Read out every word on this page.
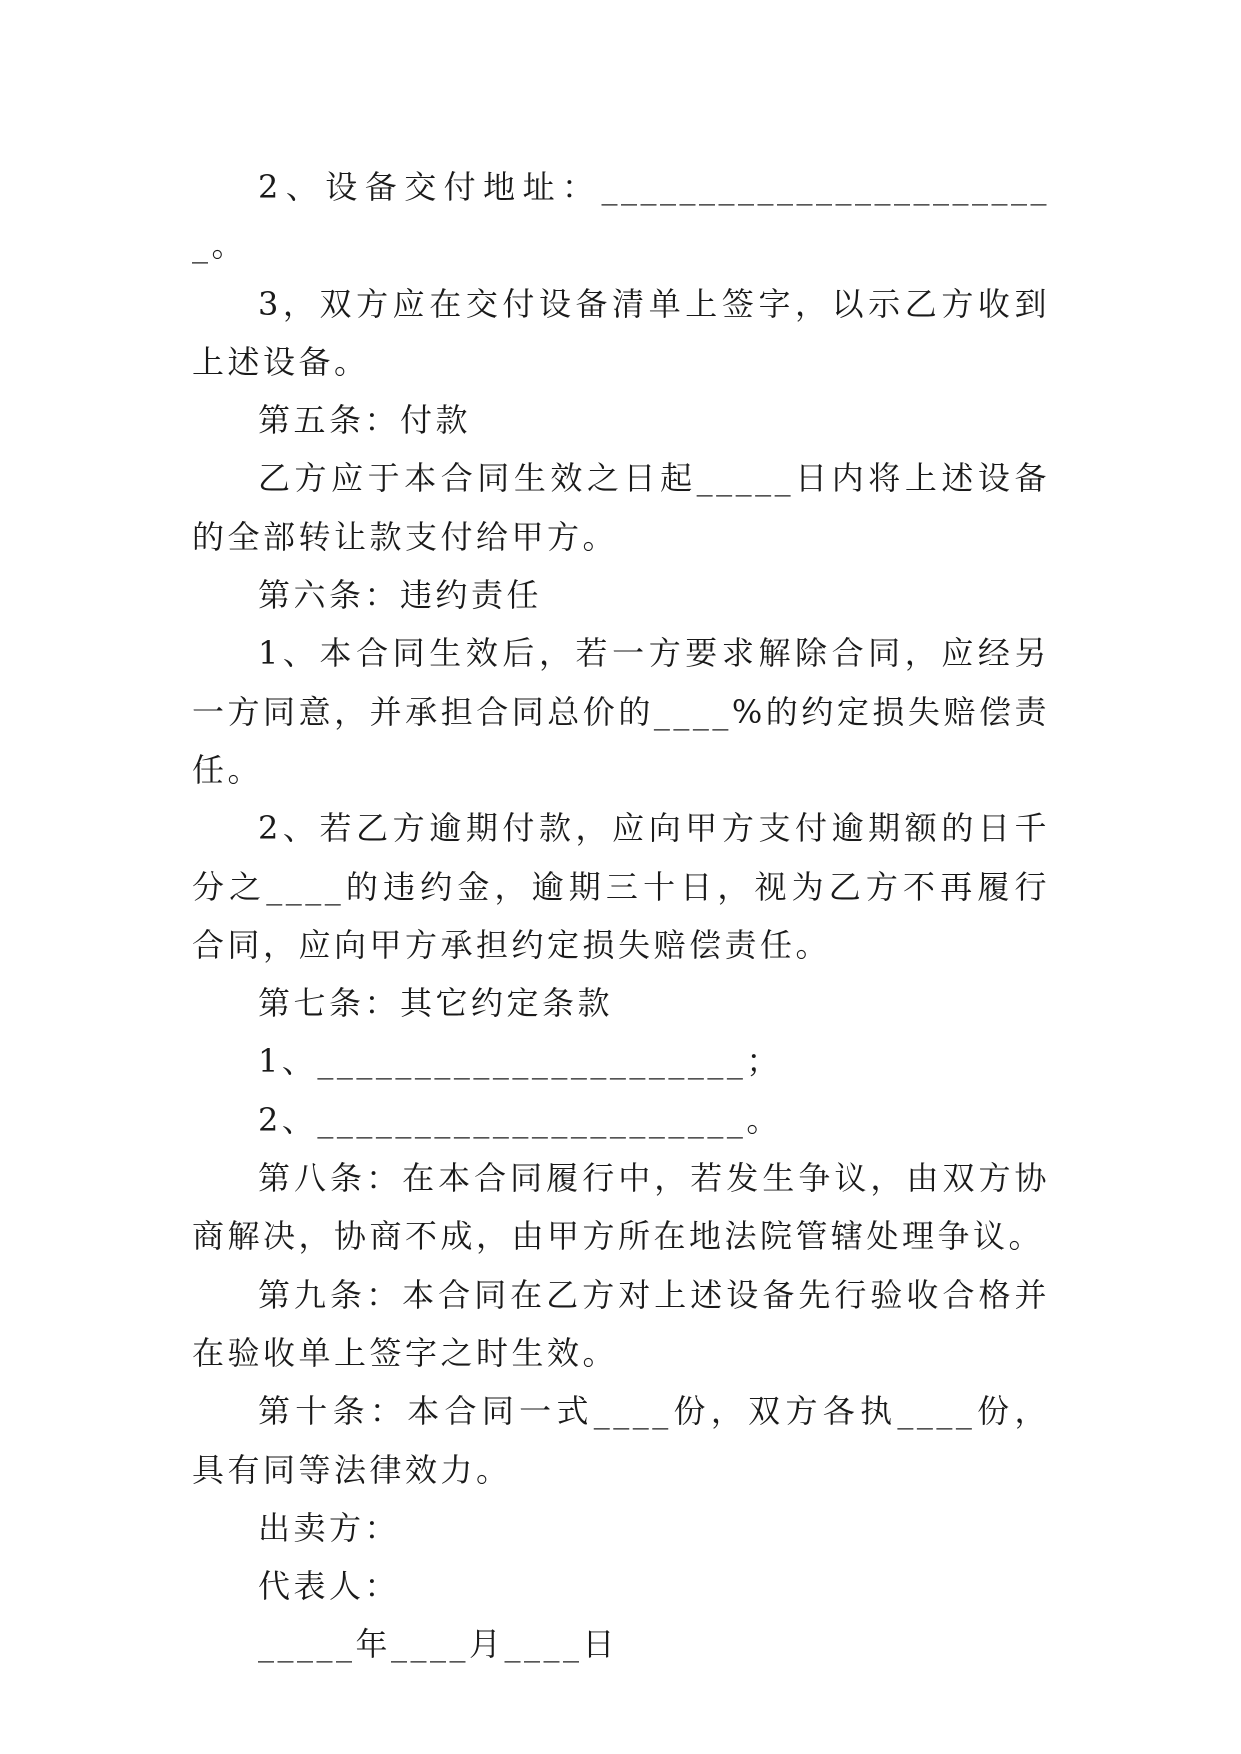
2、设备交付地址：________________________。

3，双方应在交付设备清单上签字，以示乙方收到上述设备。

第五条：付款

乙方应于本合同生效之日起_____日内将上述设备的全部转让款支付给甲方。

第六条：违约责任

1、本合同生效后，若一方要求解除合同，应经另一方同意，并承担合同总价的____%的约定损失赔偿责任。

2、若乙方逾期付款，应向甲方支付逾期额的日千分之____的违约金，逾期三十日，视为乙方不再履行合同，应向甲方承担约定损失赔偿责任。

第七条：其它约定条款

1、______________________；

2、______________________。

第八条：在本合同履行中，若发生争议，由双方协商解决，协商不成，由甲方所在地法院管辖处理争议。

第九条：本合同在乙方对上述设备先行验收合格并在验收单上签字之时生效。

第十条：本合同一式____份，双方各执____份，具有同等法律效力。

出卖方：

代表人：

_____年____月____日
